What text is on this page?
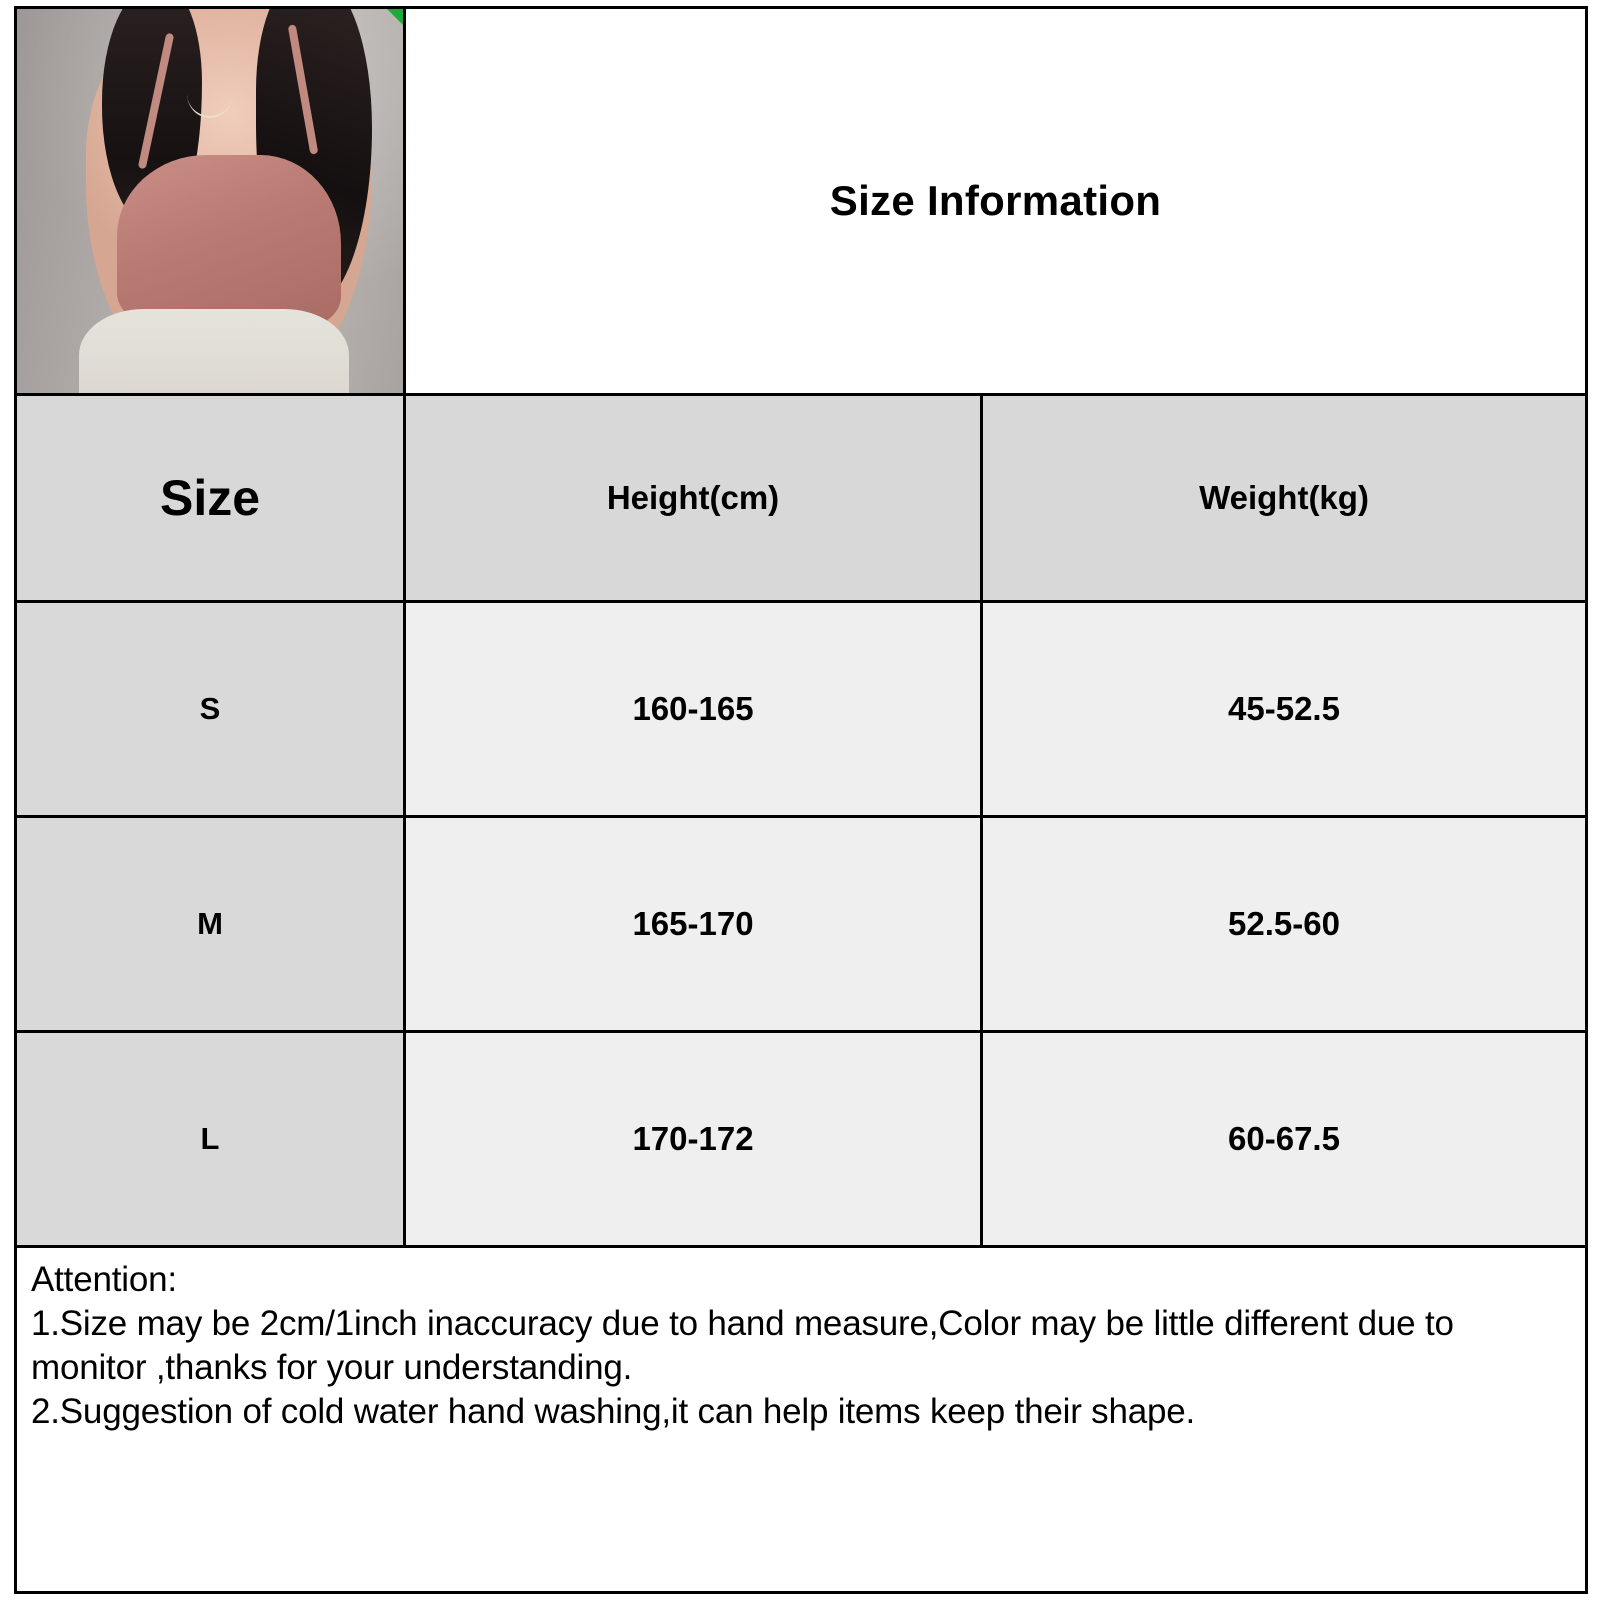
Size Information
Size	Height(cm)	Weight(kg)
S	160-165	45-52.5
M	165-170	52.5-60
L	170-172	60-67.5

Attention:

1.Size may be 2cm/1inch inaccuracy due to hand measure,Color may be little different due to monitor ,thanks for your understanding.

2.Suggestion of cold water hand washing,it can help items keep their shape.
